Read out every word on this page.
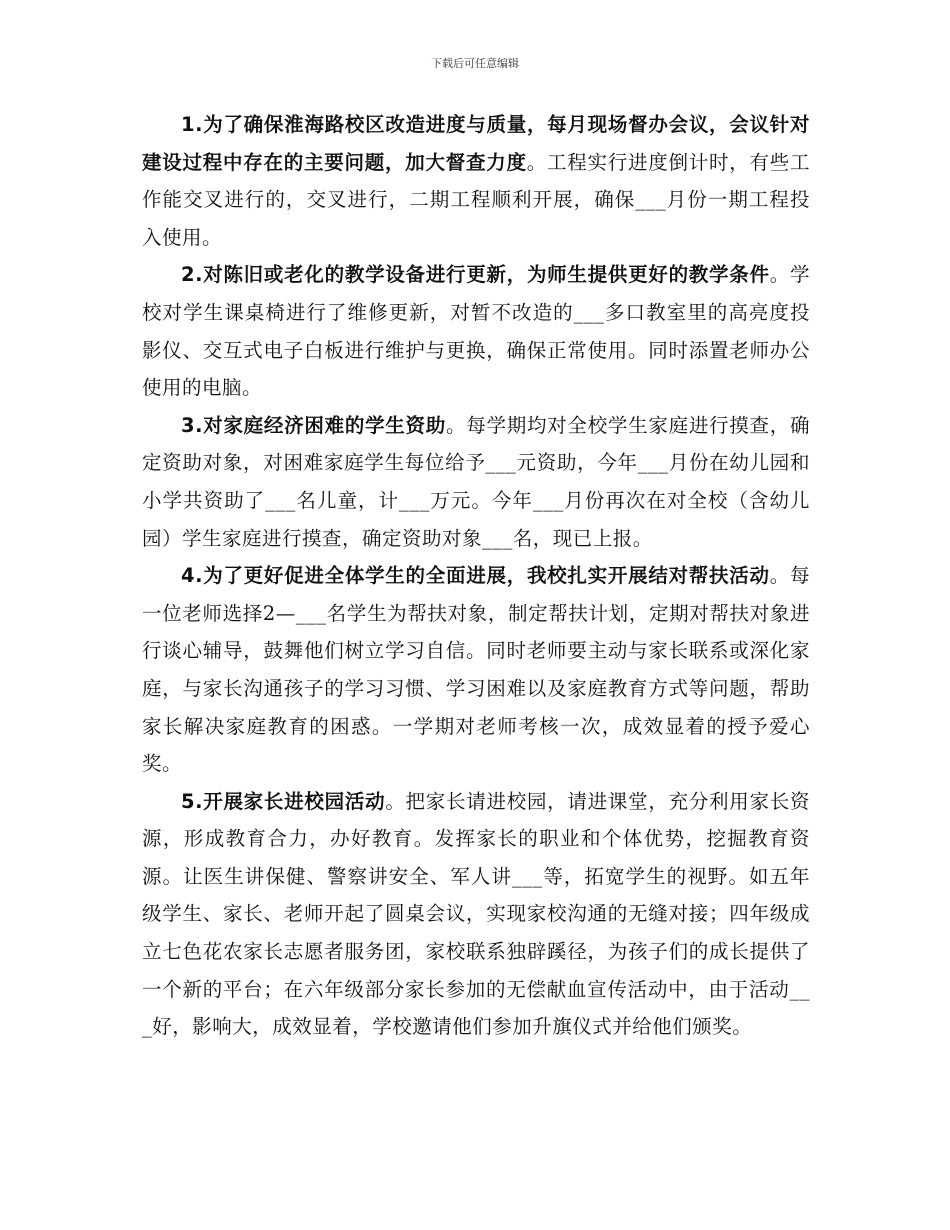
下载后可任意编辑

1.为了确保淮海路校区改造进度与质量，每月现场督办会议，会议针对建设过程中存在的主要问题，加大督查力度。工程实行进度倒计时，有些工作能交叉进行的，交叉进行，二期工程顺利开展，确保___月份一期工程投入使用。

2.对陈旧或老化的教学设备进行更新，为师生提供更好的教学条件。学校对学生课桌椅进行了维修更新，对暂不改造的___多口教室里的高亮度投影仪、交互式电子白板进行维护与更换，确保正常使用。同时添置老师办公使用的电脑。

3.对家庭经济困难的学生资助。每学期均对全校学生家庭进行摸查，确定资助对象，对困难家庭学生每位给予___元资助，今年___月份在幼儿园和小学共资助了___名儿童，计___万元。今年___月份再次在对全校（含幼儿园）学生家庭进行摸查，确定资助对象___名，现已上报。

4.为了更好促进全体学生的全面进展，我校扎实开展结对帮扶活动。每一位老师选择2—___名学生为帮扶对象，制定帮扶计划，定期对帮扶对象进行谈心辅导，鼓舞他们树立学习自信。同时老师要主动与家长联系或深化家庭，与家长沟通孩子的学习习惯、学习困难以及家庭教育方式等问题，帮助家长解决家庭教育的困惑。一学期对老师考核一次，成效显着的授予爱心奖。

5.开展家长进校园活动。把家长请进校园，请进课堂，充分利用家长资源，形成教育合力，办好教育。发挥家长的职业和个体优势，挖掘教育资源。让医生讲保健、警察讲安全、军人讲___等，拓宽学生的视野。如五年级学生、家长、老师开起了圆桌会议，实现家校沟通的无缝对接；四年级成立七色花农家长志愿者服务团，家校联系独辟蹊径，为孩子们的成长提供了一个新的平台；在六年级部分家长参加的无偿献血宣传活动中，由于活动___好，影响大，成效显着，学校邀请他们参加升旗仪式并给他们颁奖。
